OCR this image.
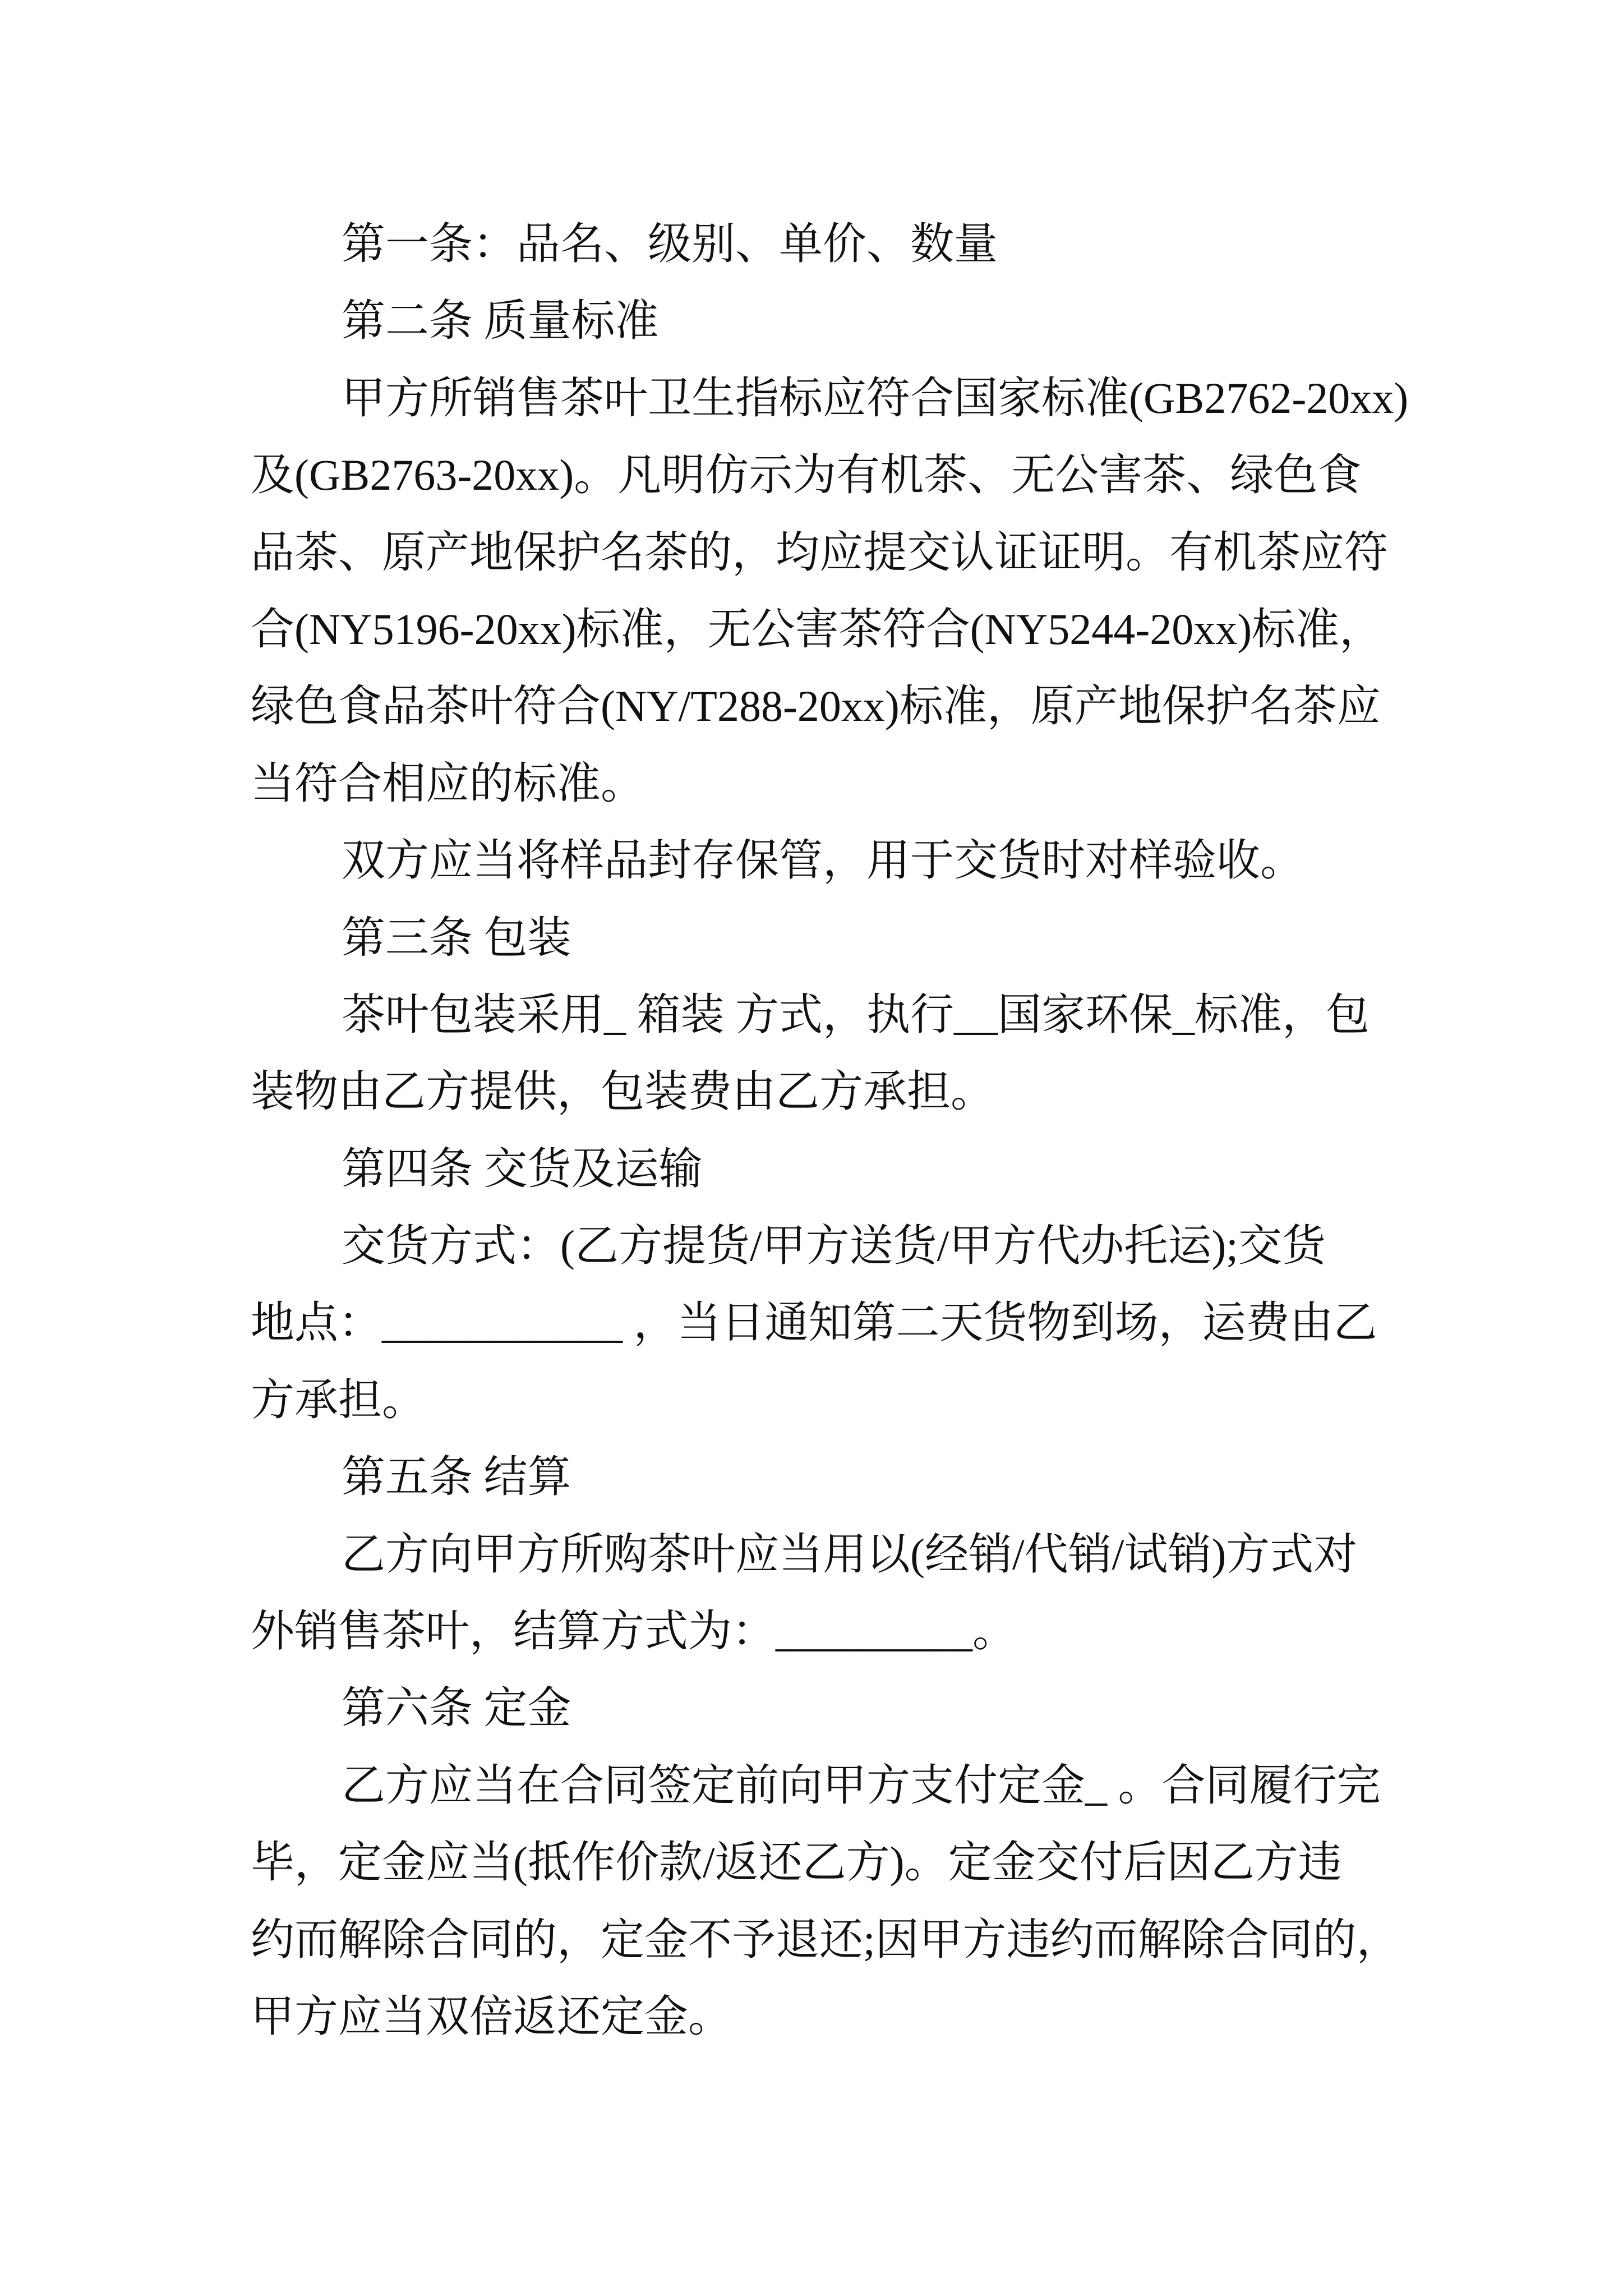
第一条：品名、级别、单价、数量
第二条 质量标准
甲方所销售茶叶卫生指标应符合国家标准(GB2762-20xx)
及(GB2763-20xx)。凡明仿示为有机茶、无公害茶、绿色食
品茶、原产地保护名茶的，均应提交认证证明。有机茶应符
合(NY5196-20xx)标准，无公害茶符合(NY5244-20xx)标准，
绿色食品茶叶符合(NY/T288-20xx)标准，原产地保护名茶应
当符合相应的标准。
双方应当将样品封存保管，用于交货时对样验收。
第三条 包装
茶叶包装采用_ 箱装 方式，执行__国家环保_标准，包
装物由乙方提供，包装费由乙方承担。
第四条 交货及运输
交货方式：(乙方提货/甲方送货/甲方代办托运);交货
地点：___________ ，当日通知第二天货物到场，运费由乙
方承担。
第五条 结算
乙方向甲方所购茶叶应当用以(经销/代销/试销)方式对
外销售茶叶，结算方式为：_________。
第六条 定金
乙方应当在合同签定前向甲方支付定金_ 。合同履行完
毕，定金应当(抵作价款/返还乙方)。定金交付后因乙方违
约而解除合同的，定金不予退还;因甲方违约而解除合同的，
甲方应当双倍返还定金。
